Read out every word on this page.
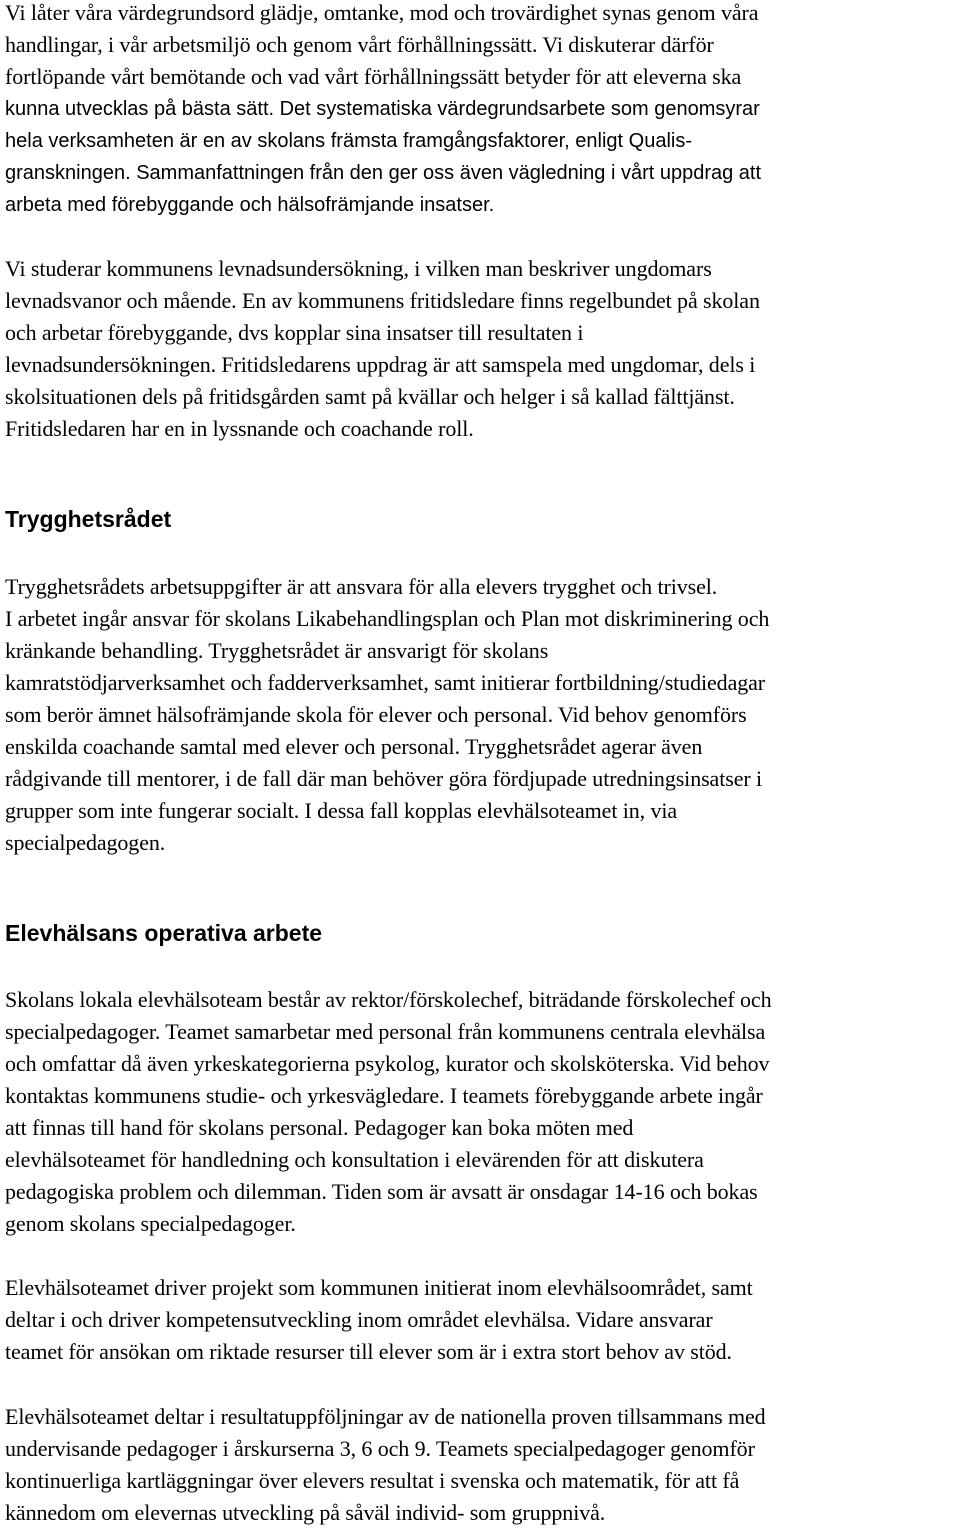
Vi låter våra värdegrundsord glädje, omtanke, mod och trovärdighet synas genom våra
handlingar, i vår arbetsmiljö och genom vårt förhållningssätt. Vi diskuterar därför
fortlöpande vårt bemötande och vad vårt förhållningssätt betyder för att eleverna ska
kunna utvecklas på bästa sätt. Det systematiska värdegrundsarbete som genomsyrar
hela verksamheten är en av skolans främsta framgångsfaktorer, enligt Qualis-
granskningen. Sammanfattningen från den ger oss även vägledning i vårt uppdrag att
arbeta med förebyggande och hälsofrämjande insatser.

Vi studerar kommunens levnadsundersökning, i vilken man beskriver ungdomars
levnadsvanor och mående. En av kommunens fritidsledare finns regelbundet på skolan
och arbetar förebyggande, dvs kopplar sina insatser till resultaten i
levnadsundersökningen. Fritidsledarens uppdrag är att samspela med ungdomar, dels i
skolsituationen dels på fritidsgården samt på kvällar och helger i så kallad fälttjänst.
Fritidsledaren har en in lyssnande och coachande roll.

Trygghetsrådet

Trygghetsrådets arbetsuppgifter är att ansvara för alla elevers trygghet och trivsel.
I arbetet ingår ansvar för skolans Likabehandlingsplan och Plan mot diskriminering och
kränkande behandling. Trygghetsrådet är ansvarigt för skolans
kamratstödjarverksamhet och fadderverksamhet, samt initierar fortbildning/studiedagar
som berör ämnet hälsofrämjande skola för elever och personal. Vid behov genomförs
enskilda coachande samtal med elever och personal. Trygghetsrådet agerar även
rådgivande till mentorer, i de fall där man behöver göra fördjupade utredningsinsatser i
grupper som inte fungerar socialt. I dessa fall kopplas elevhälsoteamet in, via
specialpedagogen.

Elevhälsans operativa arbete

Skolans lokala elevhälsoteam består av rektor/förskolechef, biträdande förskolechef och
specialpedagoger. Teamet samarbetar med personal från kommunens centrala elevhälsa
och omfattar då även yrkeskategorierna psykolog, kurator och skolsköterska. Vid behov
kontaktas kommunens studie- och yrkesvägledare. I teamets förebyggande arbete ingår
att finnas till hand för skolans personal. Pedagoger kan boka möten med
elevhälsoteamet för handledning och konsultation i elevärenden för att diskutera
pedagogiska problem och dilemman. Tiden som är avsatt är onsdagar 14-16 och bokas
genom skolans specialpedagoger.

Elevhälsoteamet driver projekt som kommunen initierat inom elevhälsoområdet, samt
deltar i och driver kompetensutveckling inom området elevhälsa. Vidare ansvarar
teamet för ansökan om riktade resurser till elever som är i extra stort behov av stöd.

Elevhälsoteamet deltar i resultatuppföljningar av de nationella proven tillsammans med
undervisande pedagoger i årskurserna 3, 6 och 9. Teamets specialpedagoger genomför
kontinuerliga kartläggningar över elevers resultat i svenska och matematik, för att få
kännedom om elevernas utveckling på såväl individ- som gruppnivå.
